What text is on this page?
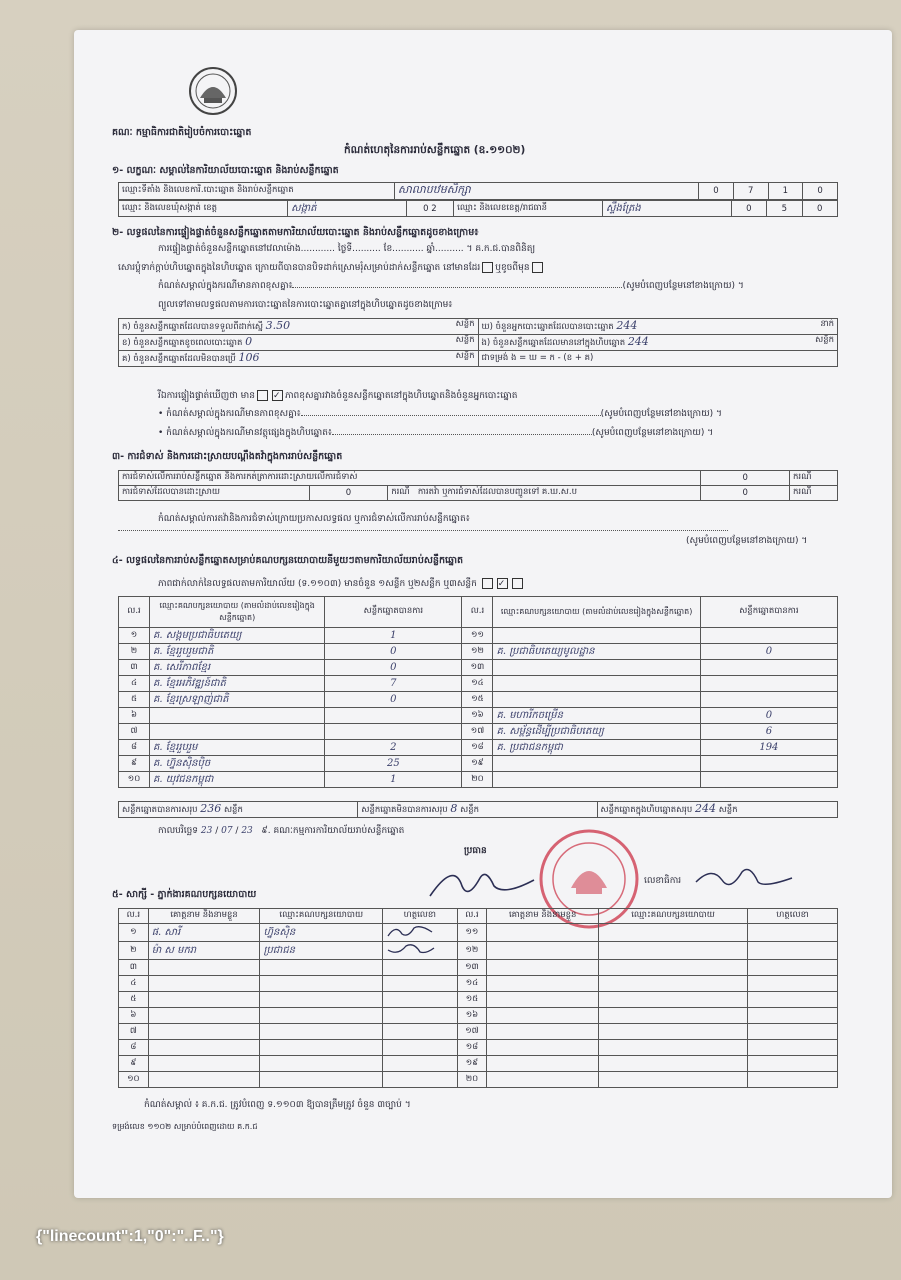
គណៈ កម្មាធិការជាតិរៀបចំការបោះឆ្នោត
កំណត់ហេតុនៃការរាប់សន្លឹកឆ្នោត (ឧ.១១០២)
១- លក្ខណៈ សម្គាល់នៃការិយាល័យបោះឆ្នោត និងរាប់សន្លឹកឆ្នោត
ឈ្មោះទីតាំង និងលេខការិ.បោះឆ្នោត និងរាប់សន្លឹកឆ្នោត	សាលាបឋមសិក្សា	0	7	1	0
ឈ្មោះ និងលេខឃុំសង្កាត់ ខេត្ត	សង្កាត់	0 2	ឈ្មោះ និងលេខខេត្ត/រាជធានី	ស្ទឹងត្រែង	0	5	0
២- លទ្ធផលនៃការផ្ទៀងផ្ទាត់ចំនួនសន្លឹកឆ្នោតតាមការិយាល័យបោះឆ្នោត និងរាប់សន្លឹកឆ្នោតដូចខាងក្រោម៖
ការផ្ទៀងផ្ទាត់ចំនួនសន្លឹកឆ្នោតនៅវេលាម៉ោង............ ថ្ងៃទី.......... ខែ........... ឆ្នាំ.......... ។ គ.ក.ជ.បានពិនិត្យ
សោរប្លុំទាក់ក្ដាប់ហិបឆ្នោតក្នុងនៃហិបឆ្នោត ក្រោយពីបានបានបិទដាក់ស្រោមរុំសម្រាប់ដាក់សន្លឹកឆ្នោត នៅមានដែរ ឬខូចពីមុន
កំណត់សម្គាល់ក្នុងករណីមានភាពខុសគ្នា៖	(សូមបំពេញបន្ថែមនៅខាងក្រោយ) ។
ព្យួលទៅតាមលទ្ធផលតាមការបោះឆ្នោតនៃការបោះឆ្នោតគ្នានៅក្នុងហិបឆ្នោតដូចខាងក្រោម៖
ក) ចំនួនសន្លឹកឆ្នោតដែលបានទទួលពីដាក់ស្នើ 3.50 សន្លឹក	ឃ) ចំនួនអ្នកបោះឆ្នោតដែលបានបោះឆ្នោត 244 នាក់

ខ) ចំនួនសន្លឹកឆ្នោតខូចពេលបោះឆ្នោត 0 សន្លឹក	ង) ចំនួនសន្លឹកឆ្នោតដែលមាននៅក្នុងហិបឆ្នោត 244 សន្លឹក

គ) ចំនួនសន្លឹកឆ្នោតដែលមិនបានប្រើ 106 សន្លឹក	ជាទម្រង់ ង = ឃ = ក - (ខ + គ)
រីឯការផ្ទៀងផ្ទាត់ឃើញថា មាន ✓ ភាពខុសគ្នារវាងចំនួនសន្លឹកឆ្នោតនៅក្នុងហិបឆ្នោតនិងចំនួនអ្នកបោះឆ្នោត
• កំណត់សម្គាល់ក្នុងករណីមានភាពខុសគ្នា៖	(សូមបំពេញបន្ថែមនៅខាងក្រោយ) ។
• កំណត់សម្គាល់ក្នុងករណីមានវត្ថុផ្សេងក្នុងហិបឆ្នោត៖	(សូមបំពេញបន្ថែមនៅខាងក្រោយ) ។
៣- ការជំទាស់ និងការដោះស្រាយបណ្ដឹងតវ៉ាក្នុងការរាប់សន្លឹកឆ្នោត
ការជំទាស់លើការរាប់សន្លឹកឆ្នោត និងការកត់ត្រាការដោះស្រាយលើការជំទាស់			0	ករណី
ការជំទាស់ដែលបានដោះស្រាយ	0	ករណី ការតវ៉ា ឬការជំទាស់ដែលបានបញ្ជូនទៅ គ.ឃ.ស.ប	0	ករណី
កំណត់សម្គាល់ការតវ៉ានិងការជំទាស់ក្រោយប្រកាសលទ្ធផល ឬការជំទាស់លើការរាប់សន្លឹកឆ្នោត៖
(សូមបំពេញបន្ថែមនៅខាងក្រោយ) ។
៤- លទ្ធផលនៃការរាប់សន្លឹកឆ្នោតសម្រាប់គណបក្សនយោបាយនីមួយៗតាមការិយាល័យរាប់សន្លឹកឆ្នោត
ភាពជាក់លាក់នៃលទ្ធផលតាមការិយាល័យ (ទ.១១០៣) មានចំនួន ១សន្លឹក ឬ២សន្លឹក ឬ៣សន្លឹក ✓
ល.រ	ឈ្មោះគណបក្សនយោបាយ (តាមលំដាប់លេខរៀងក្នុងសន្លឹកឆ្នោត)	សន្លឹកឆ្នោតបានការ	ល.រ	ឈ្មោះគណបក្សនយោបាយ (តាមលំដាប់លេខរៀងក្នុងសន្លឹកឆ្នោត)	សន្លឹកឆ្នោតបានការ
១	គ. សង្គមប្រជាធិបតេយ្យ	1	១១		
២	គ. ខ្មែររួបរួមជាតិ	0	១២	គ. ប្រជាធិបតេយ្យមូលដ្ឋាន	0
៣	គ. សេរីភាពខ្មែរ	0	១៣		
៤	គ. ខ្មែរអភិវឌ្ឍន៍ជាតិ	7	១៤		
៥	គ. ខ្មែរស្រឡាញ់ជាតិ	0	១៥		
៦			១៦	គ. មហារីកចម្រើន	0
៧			១៧	គ. សម្ព័ន្ធដើម្បីប្រជាធិបតេយ្យ	6
៨	គ. ខ្មែររួបរួម	2	១៨	គ. ប្រជាជនកម្ពុជា	194
៩	គ. ហ្វ៊ុនស៊ិនប៉ិច	25	១៩		
១០	គ. យុវជនកម្ពុជា	1	២០		
សន្លឹកឆ្នោតបានការសរុប 236 សន្លឹក	សន្លឹកឆ្នោតមិនបានការសរុប 8 សន្លឹក	សន្លឹកឆ្នោតក្នុងហិបឆ្នោតសរុប 244 សន្លឹក
កាលបរិច្ឆេទ 23 / 07 / 23 ៩. គណៈកម្មការការិយាល័យរាប់សន្លឹកឆ្នោត
ប្រធាន
លេខាធិការ
៥- សាក្សី - ភ្នាក់ងារគណបក្សនយោបាយ
ល.រ	គោត្តនាម និងនាមខ្លួន	ឈ្មោះគណបក្សនយោបាយ	ហត្ថលេខា	ល.រ	គោត្តនាម និងនាមខ្លួន	ឈ្មោះគណបក្សនយោបាយ	ហត្ថលេខា
១	ផ. សារី	ហ្វ៊ុនស៊ិន		១១			
២	ម៉ា ស មករា	ប្រជាជន		១២			
៣				១៣			
៤				១៤			
៥				១៥			
៦				១៦			
៧				១៧			
៨				១៨			
៩				១៩			
១០				២០			
កំណត់សម្គាល់ ៖ គ.ក.ជ. ត្រូវបំពេញ ទ.១១០៣ ឱ្យបានត្រឹមត្រូវ ចំនួន ៣ច្បាប់ ។
ទម្រង់លេខ ១១០២ សម្រាប់បំពេញដោយ គ.ក.ជ
{"linecount":1,"0":"..F.."}
